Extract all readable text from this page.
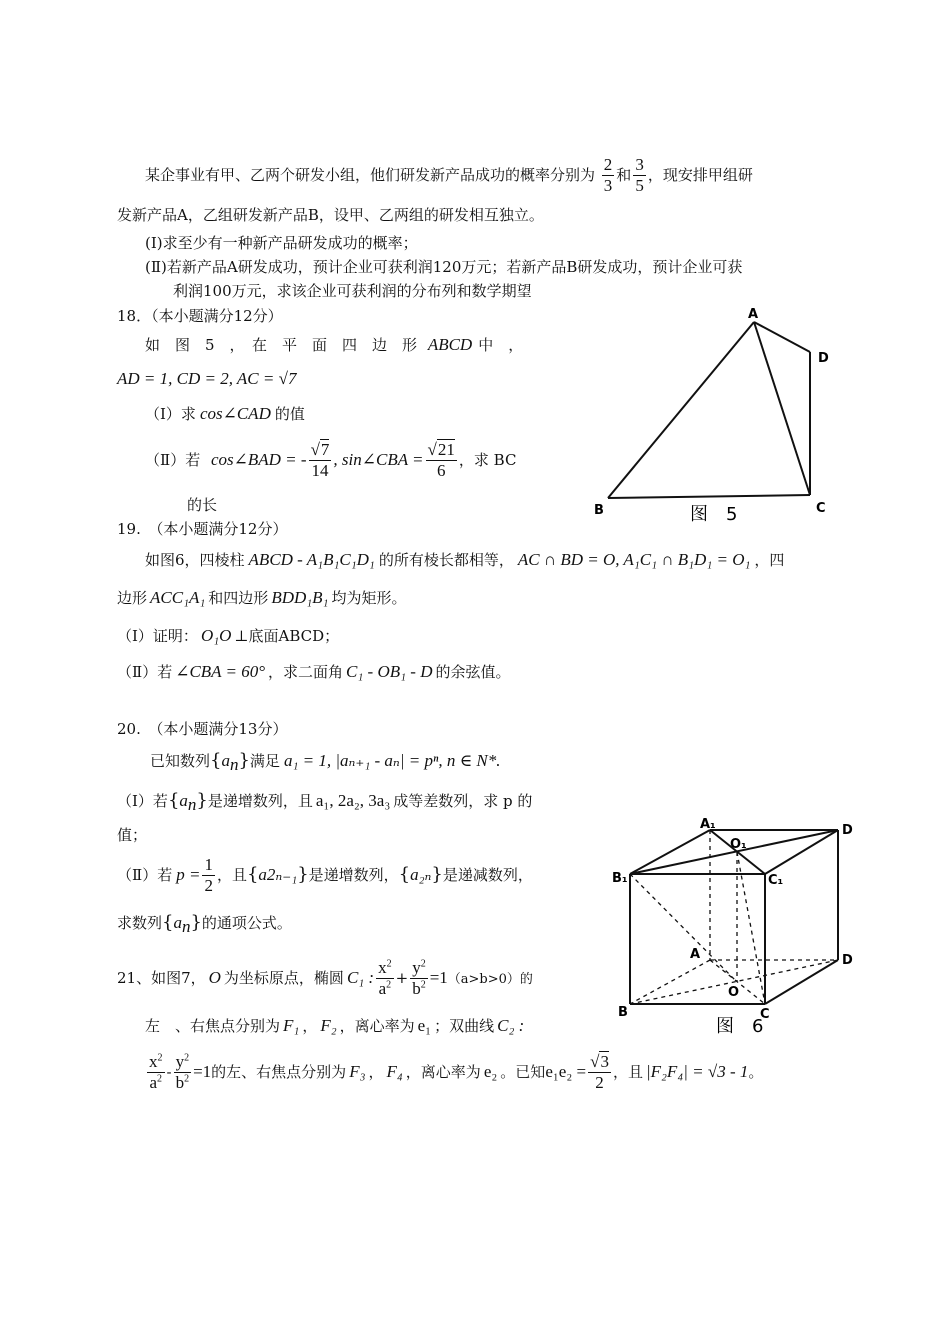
某企事业有甲、乙两个研发小组，他们研发新产品成功的概率分别为 $\frac{2}{3}$ 和 $\frac{3}{5}$ ，现安排甲组研
发新产品A，乙组研发新产品B，设甲、乙两组的研发相互独立。
(Ⅰ)求至少有一种新产品研发成功的概率；
(Ⅱ)若新产品A研发成功，预计企业可获利润120万元；若新产品B研发成功，预计企业可获
利润100万元，求该企业可获利润的分布列和数学期望
18．（本小题满分12分）
如　图　5　，　在　平　面　四　边　形 ABCD 中　，
AD = 1, CD = 2, AC = √7
（Ⅰ）求 cos∠CAD 的值
（Ⅱ）若 cos∠BAD = - $\frac{√7}{14}$ , sin∠CBA = $\frac{√21}{6}$ ，求 BC
的长
A
D
B	C
图　5
19.　（本小题满分12分）
如图6，四棱柱 ABCD - A₁B₁C₁D₁ 的所有棱长都相等， AC ∩ BD = O, A₁C₁ ∩ B₁D₁ = O₁ ，四
边形 ACC₁A₁ 和四边形 BDD₁B₁ 均为矩形。
（Ⅰ）证明： O₁O ⊥底面ABCD；
（Ⅱ）若 ∠CBA = 60° ，求二面角 C₁ - OB₁ - D 的余弦值。
20.　（本小题满分13分）
已知数列$\{a_n\}$满足 a₁ = 1, |aₙ₊₁ - aₙ| = pⁿ, n ∈ N*.
（Ⅰ）若$\{a_n\}$是递增数列，且 a₁, 2a₂, 3a₃ 成等差数列，求 p 的
值；
（Ⅱ）若 $p = \frac{1}{2}$ ，且{a2ₙ₋₁}是递增数列，{a₂ₙ}是递减数列，
求数列$\{a_n\}$的通项公式。
A₁
O₁
D
B₁	C₁
A	D
O
B	C
图　6
21、如图7， O 为坐标原点，椭圆 C₁ : $\frac{x^2}{a^2} + \frac{y^2}{b^2} =1(a>b>0)$的
左　、右焦点分别为 F₁ ， F₂ ，离心率为 e₁ ；双曲线 C₂ :
$\frac{x^2}{a^2} - \frac{y^2}{b^2} =1$的左、右焦点分别为 F₃ ， F₄ ，离心率为 e₂ 。已知$e_1e_2 = \frac{√3}{2}$ ，且 |F₂F₄| = √3 - 1。
